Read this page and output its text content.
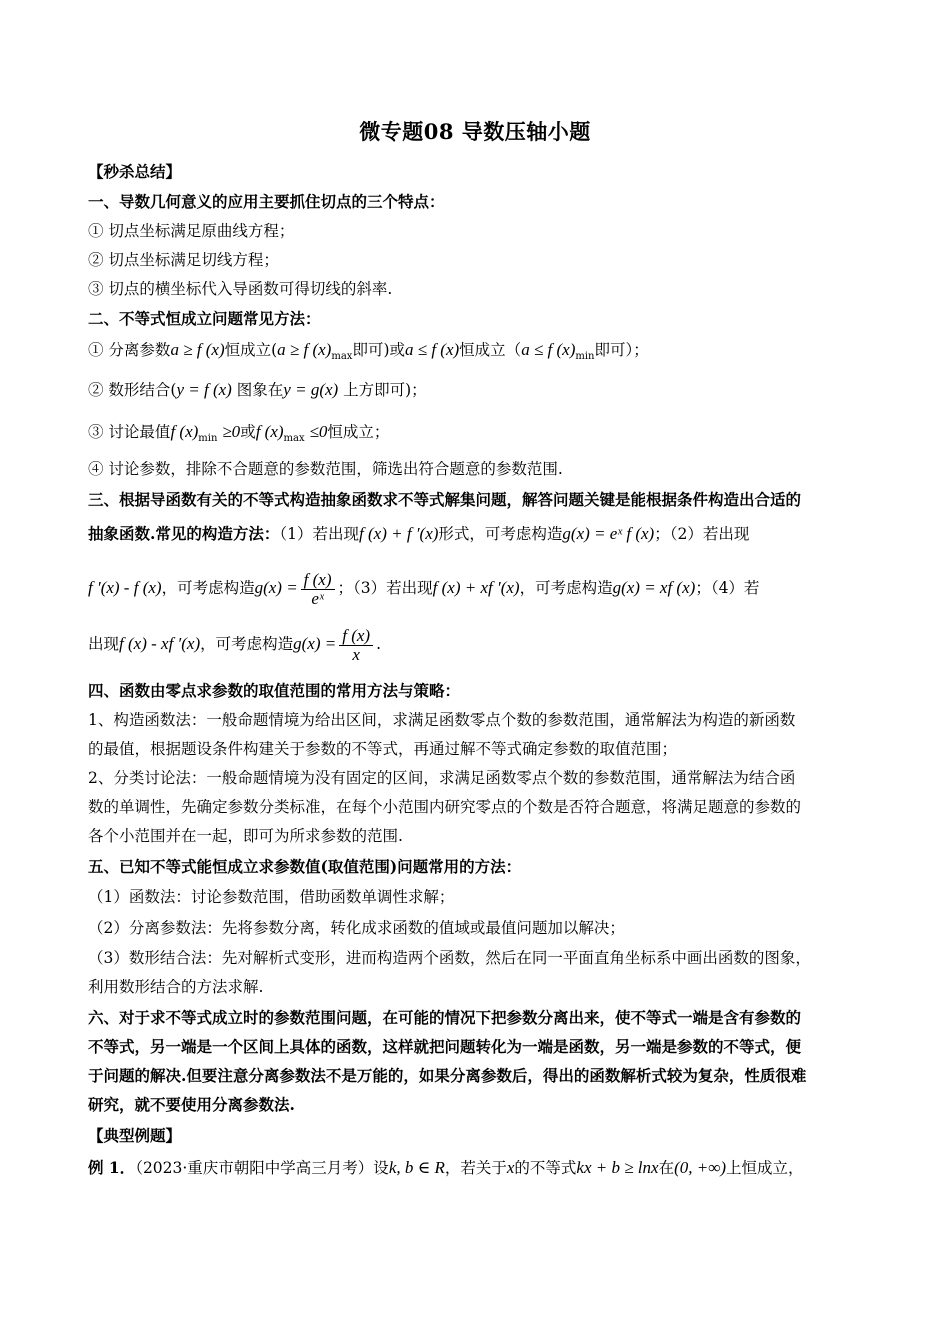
微专题08 导数压轴小题
【秒杀总结】
一、导数几何意义的应用主要抓住切点的三个特点：
① 切点坐标满足原曲线方程；
② 切点坐标满足切线方程；
③ 切点的横坐标代入导函数可得切线的斜率.
二、不等式恒成立问题常见方法：
① 分离参数a ≥ f (x)恒成立(a ≥ f $(x)_{max}$即可)或a ≤ f (x)恒成立（a ≤ f $(x)_{min}$即可）；
② 数形结合(y = f (x) 图象在y = g(x) 上方即可)；
③ 讨论最值f $(x)_{min} \ge 0$或f $(x)_{max} \le 0$恒成立；
④ 讨论参数，排除不合题意的参数范围，筛选出符合题意的参数范围.
三、根据导函数有关的不等式构造抽象函数求不等式解集问题，解答问题关键是能根据条件构造出合适的
抽象函数.常见的构造方法：（1）若出现f (x) + f ′(x)形式，可考虑构造g(x) = eˣ f (x)；（2）若出现
f ′(x) - f (x)，可考虑构造$g(x) = \frac{f (x)}{\text{eˣ}}$ ；（3）若出现f (x) + xf ′(x)，可考虑构造g(x) = xf (x)；（4）若
出现f (x) - xf ′(x)，可考虑构造$g(x) = \frac{f (x)}{x}$ .
四、函数由零点求参数的取值范围的常用方法与策略：
1、构造函数法：一般命题情境为给出区间，求满足函数零点个数的参数范围，通常解法为构造的新函数
的最值，根据题设条件构建关于参数的不等式，再通过解不等式确定参数的取值范围；
2、分类讨论法：一般命题情境为没有固定的区间，求满足函数零点个数的参数范围，通常解法为结合函
数的单调性，先确定参数分类标准，在每个小范围内研究零点的个数是否符合题意，将满足题意的参数的
各个小范围并在一起，即可为所求参数的范围.
五、已知不等式能恒成立求参数值(取值范围)问题常用的方法：
（1）函数法：讨论参数范围，借助函数单调性求解；
（2）分离参数法：先将参数分离，转化成求函数的值域或最值问题加以解决；
（3）数形结合法：先对解析式变形，进而构造两个函数，然后在同一平面直角坐标系中画出函数的图象，
利用数形结合的方法求解.
六、对于求不等式成立时的参数范围问题，在可能的情况下把参数分离出来，使不等式一端是含有参数的
不等式，另一端是一个区间上具体的函数，这样就把问题转化为一端是函数，另一端是参数的不等式，便
于问题的解决.但要注意分离参数法不是万能的，如果分离参数后，得出的函数解析式较为复杂，性质很难
研究，就不要使用分离参数法.
【典型例题】
例 1．（2023·重庆市朝阳中学高三月考）设k, b ∈ R，若关于x的不等式kx + b ≥ lnx在(0, +∞)上恒成立，
